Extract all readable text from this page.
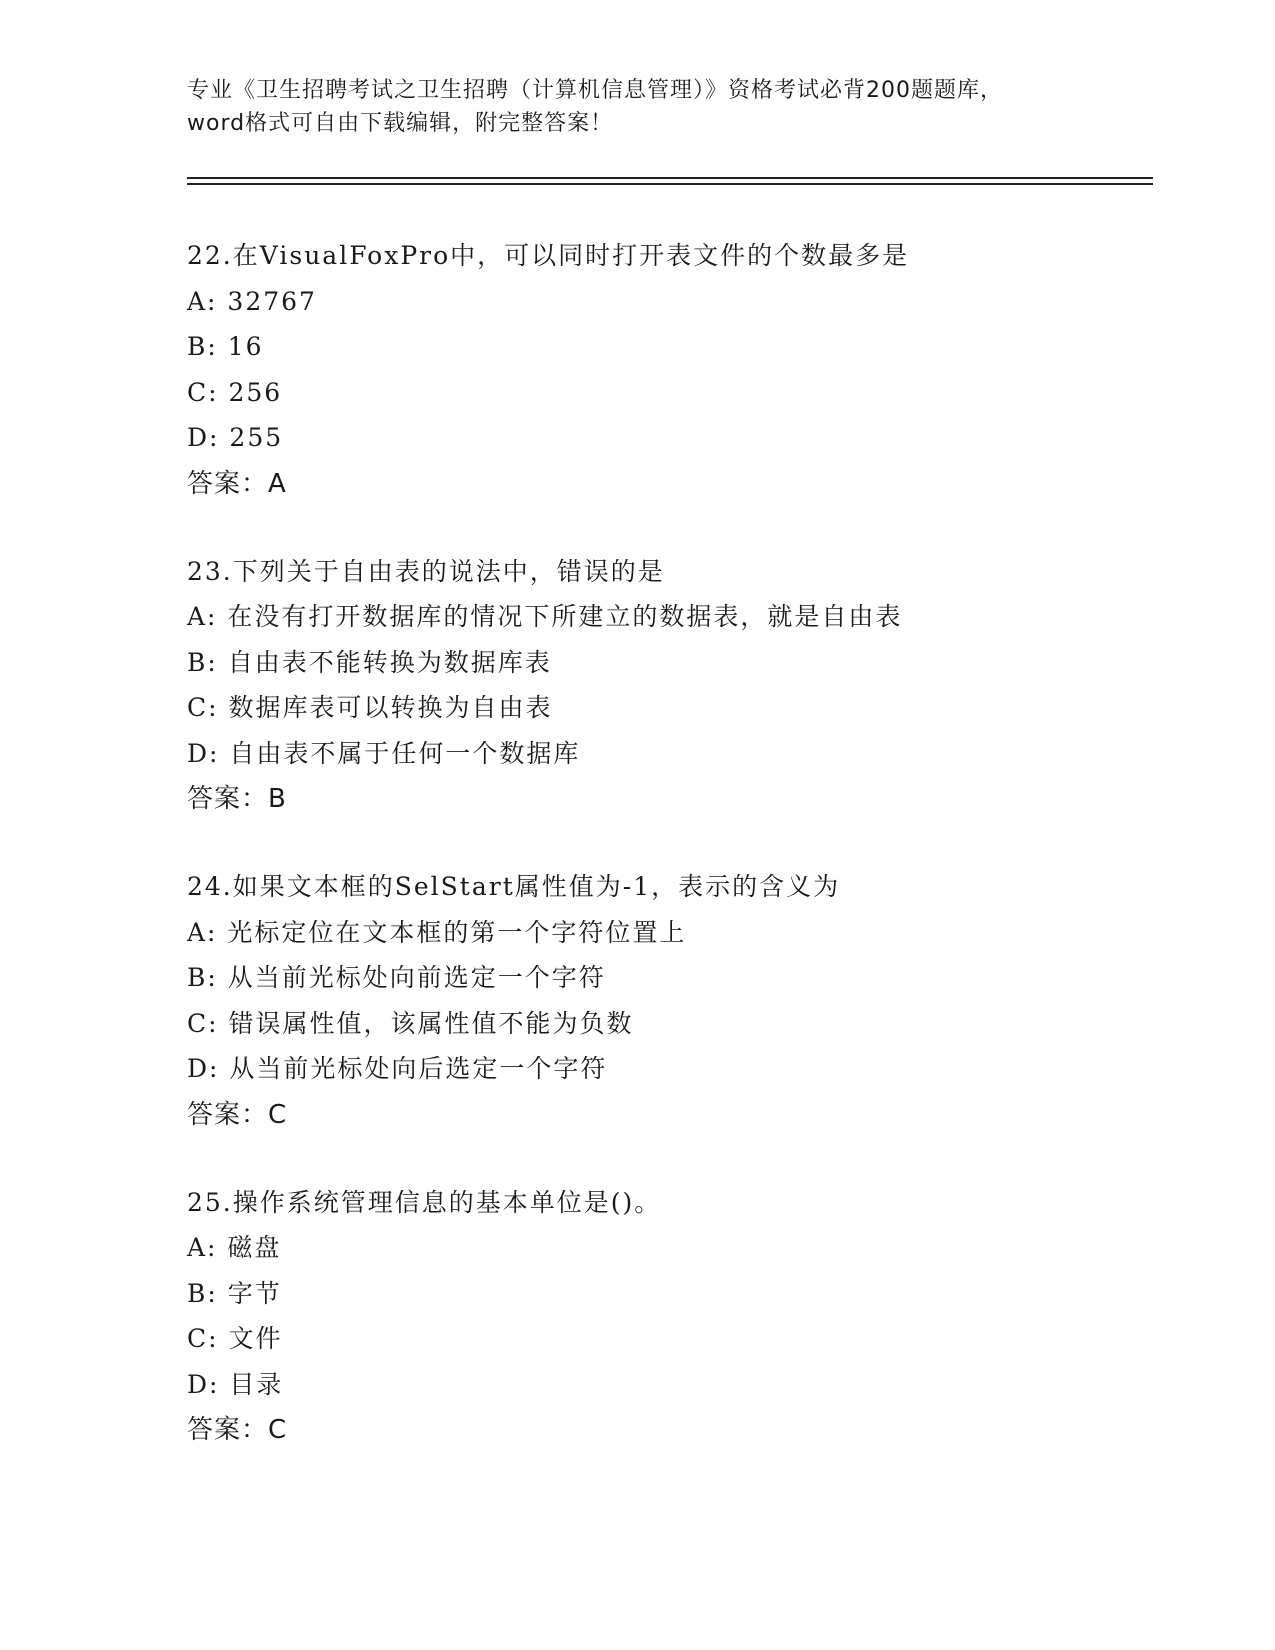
专业《卫生招聘考试之卫生招聘（计算机信息管理）》资格考试必背200题题库，
word格式可自由下载编辑，附完整答案！
22.在VisualFoxPro中，可以同时打开表文件的个数最多是
A: 32767
B: 16
C: 256
D: 255
答案：A
23.下列关于自由表的说法中，错误的是
A: 在没有打开数据库的情况下所建立的数据表，就是自由表
B: 自由表不能转换为数据库表
C: 数据库表可以转换为自由表
D: 自由表不属于任何一个数据库
答案：B
24.如果文本框的SelStart属性值为-1，表示的含义为
A: 光标定位在文本框的第一个字符位置上
B: 从当前光标处向前选定一个字符
C: 错误属性值，该属性值不能为负数
D: 从当前光标处向后选定一个字符
答案：C
25.操作系统管理信息的基本单位是()。
A: 磁盘
B: 字节
C: 文件
D: 目录
答案：C
